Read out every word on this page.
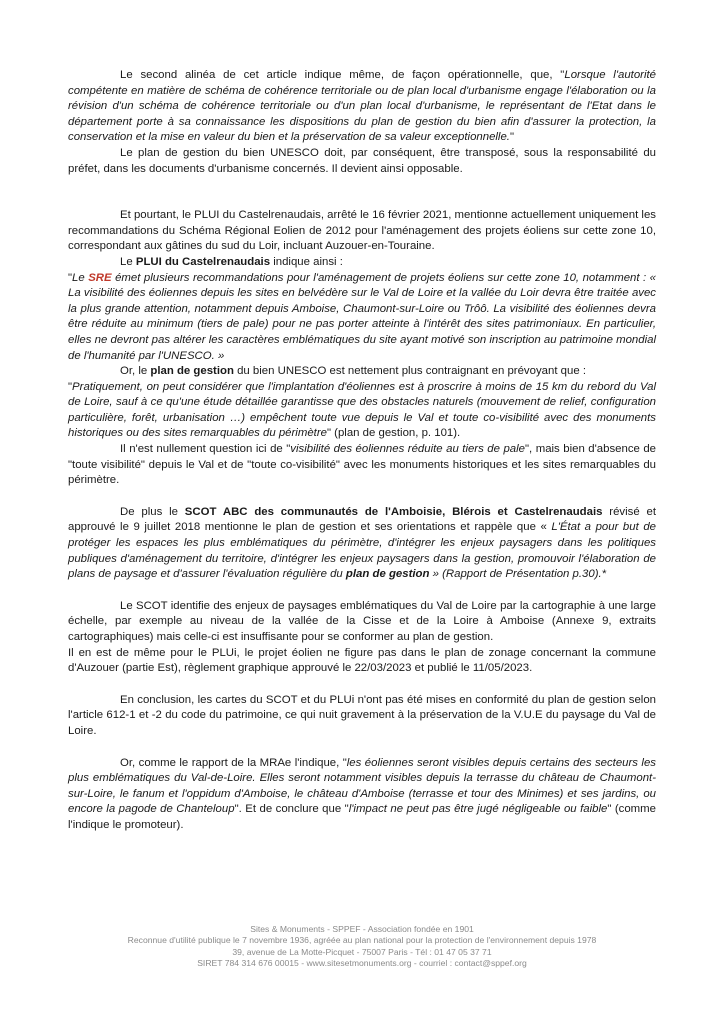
Le second alinéa de cet article indique même, de façon opérationnelle, que, "Lorsque l'autorité compétente en matière de schéma de cohérence territoriale ou de plan local d'urbanisme engage l'élaboration ou la révision d'un schéma de cohérence territoriale ou d'un plan local d'urbanisme, le représentant de l'Etat dans le département porte à sa connaissance les dispositions du plan de gestion du bien afin d'assurer la protection, la conservation et la mise en valeur du bien et la préservation de sa valeur exceptionnelle."

Le plan de gestion du bien UNESCO doit, par conséquent, être transposé, sous la responsabilité du préfet, dans les documents d'urbanisme concernés. Il devient ainsi opposable.

Et pourtant, le PLUI du Castelrenaudais, arrêté le 16 février 2021, mentionne actuellement uniquement les recommandations du Schéma Régional Eolien de 2012 pour l'aménagement des projets éoliens sur cette zone 10, correspondant aux gâtines du sud du Loir, incluant Auzouer-en-Touraine.

Le PLUI du Castelrenaudais indique ainsi :

"Le SRE émet plusieurs recommandations pour l'aménagement de projets éoliens sur cette zone 10, notamment : « La visibilité des éoliennes depuis les sites en belvédère sur le Val de Loire et la vallée du Loir devra être traitée avec la plus grande attention, notamment depuis Amboise, Chaumont-sur-Loire ou Trôô. La visibilité des éoliennes devra être réduite au minimum (tiers de pale) pour ne pas porter atteinte à l'intérêt des sites patrimoniaux. En particulier, elles ne devront pas altérer les caractères emblématiques du site ayant motivé son inscription au patrimoine mondial de l'humanité par l'UNESCO. »

Or, le plan de gestion du bien UNESCO est nettement plus contraignant en prévoyant que :

"Pratiquement, on peut considérer que l'implantation d'éoliennes est à proscrire à moins de 15 km du rebord du Val de Loire, sauf à ce qu'une étude détaillée garantisse que des obstacles naturels (mouvement de relief, configuration particulière, forêt, urbanisation …) empêchent toute vue depuis le Val et toute co-visibilité avec des monuments historiques ou des sites remarquables du périmètre" (plan de gestion, p. 101).

Il n'est nullement question ici de "visibilité des éoliennes réduite au tiers de pale", mais bien d'absence de "toute visibilité" depuis le Val et de "toute co-visibilité" avec les monuments historiques et les sites remarquables du périmètre.

De plus le SCOT ABC des communautés de l'Amboisie, Blérois et Castelrenaudais révisé et approuvé le 9 juillet 2018 mentionne le plan de gestion et ses orientations et rappèle que « L'État a pour but de protéger les espaces les plus emblématiques du périmètre, d'intégrer les enjeux paysagers dans les politiques publiques d'aménagement du territoire, d'intégrer les enjeux paysagers dans la gestion, promouvoir l'élaboration de plans de paysage et d'assurer l'évaluation régulière du plan de gestion » (Rapport de Présentation p.30).*

Le SCOT identifie des enjeux de paysages emblématiques du Val de Loire par la cartographie à une large échelle, par exemple au niveau de la vallée de la Cisse et de la Loire à Amboise (Annexe 9, extraits cartographiques) mais celle-ci est insuffisante pour se conformer au plan de gestion.

Il en est de même pour le PLUi, le projet éolien ne figure pas dans le plan de zonage concernant la commune d'Auzouer (partie Est), règlement graphique approuvé le 22/03/2023 et publié le 11/05/2023.

En conclusion, les cartes du SCOT et du PLUi n'ont pas été mises en conformité du plan de gestion selon l'article 612-1 et -2 du code du patrimoine, ce qui nuit gravement à la préservation de la V.U.E du paysage du Val de Loire.

Or, comme le rapport de la MRAe l'indique, "les éoliennes seront visibles depuis certains des secteurs les plus emblématiques du Val-de-Loire. Elles seront notamment visibles depuis la terrasse du château de Chaumont-sur-Loire, le fanum et l'oppidum d'Amboise, le château d'Amboise (terrasse et tour des Minimes) et ses jardins, ou encore la pagode de Chanteloup". Et de conclure que "l'impact ne peut pas être jugé négligeable ou faible" (comme l'indique le promoteur).

Sites & Monuments - SPPEF - Association fondée en 1901
Reconnue d'utilité publique le 7 novembre 1936, agréée au plan national pour la protection de l'environnement depuis 1978
39, avenue de La Motte-Picquet - 75007 Paris - Tél : 01 47 05 37 71
SIRET 784 314 676 00015 - www.sitesetmonuments.org - courriel : contact@sppef.org
